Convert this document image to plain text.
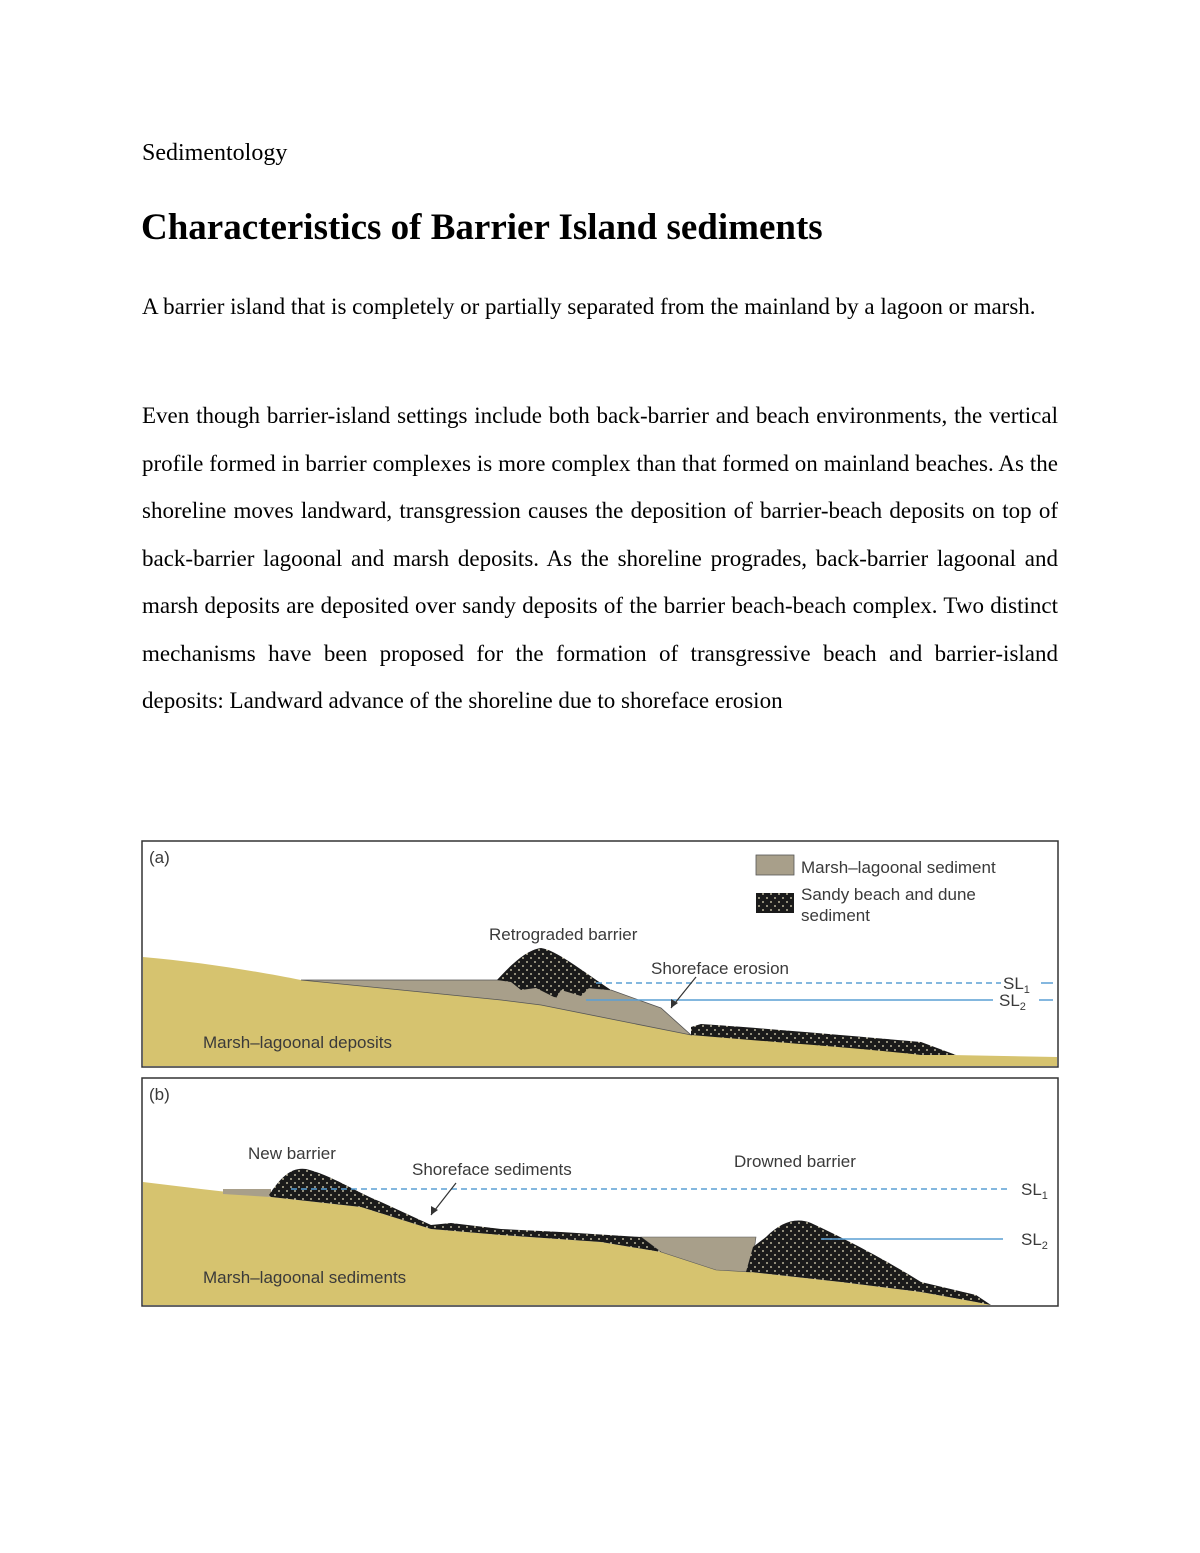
Sedimentology
Characteristics of Barrier Island sediments

A barrier island that is completely or partially separated from the mainland by a lagoon or marsh.

Even though barrier-island settings include both back-barrier and beach environments, the vertical profile formed in barrier complexes is more complex than that formed on mainland beaches. As the shoreline moves landward, transgression causes the deposition of barrier-beach deposits on top of back-barrier lagoonal and marsh deposits. As the shoreline progrades, back-barrier lagoonal and marsh deposits are deposited over sandy deposits of the barrier beach-beach complex. Two distinct mechanisms have been proposed for the formation of transgressive beach and barrier-island deposits: Landward advance of the shoreline due to shoreface erosion

Marsh–lagoonal sediment
Sandy beach and dune
sediment
(a)
Retrograded barrier
Shoreface erosion
Marsh–lagoonal deposits
$SL_1$
$SL_2$
(b)
New barrier
Shoreface sediments	Drowned barrier
Marsh–lagoonal sediments
$SL_1$
$SL_2$
